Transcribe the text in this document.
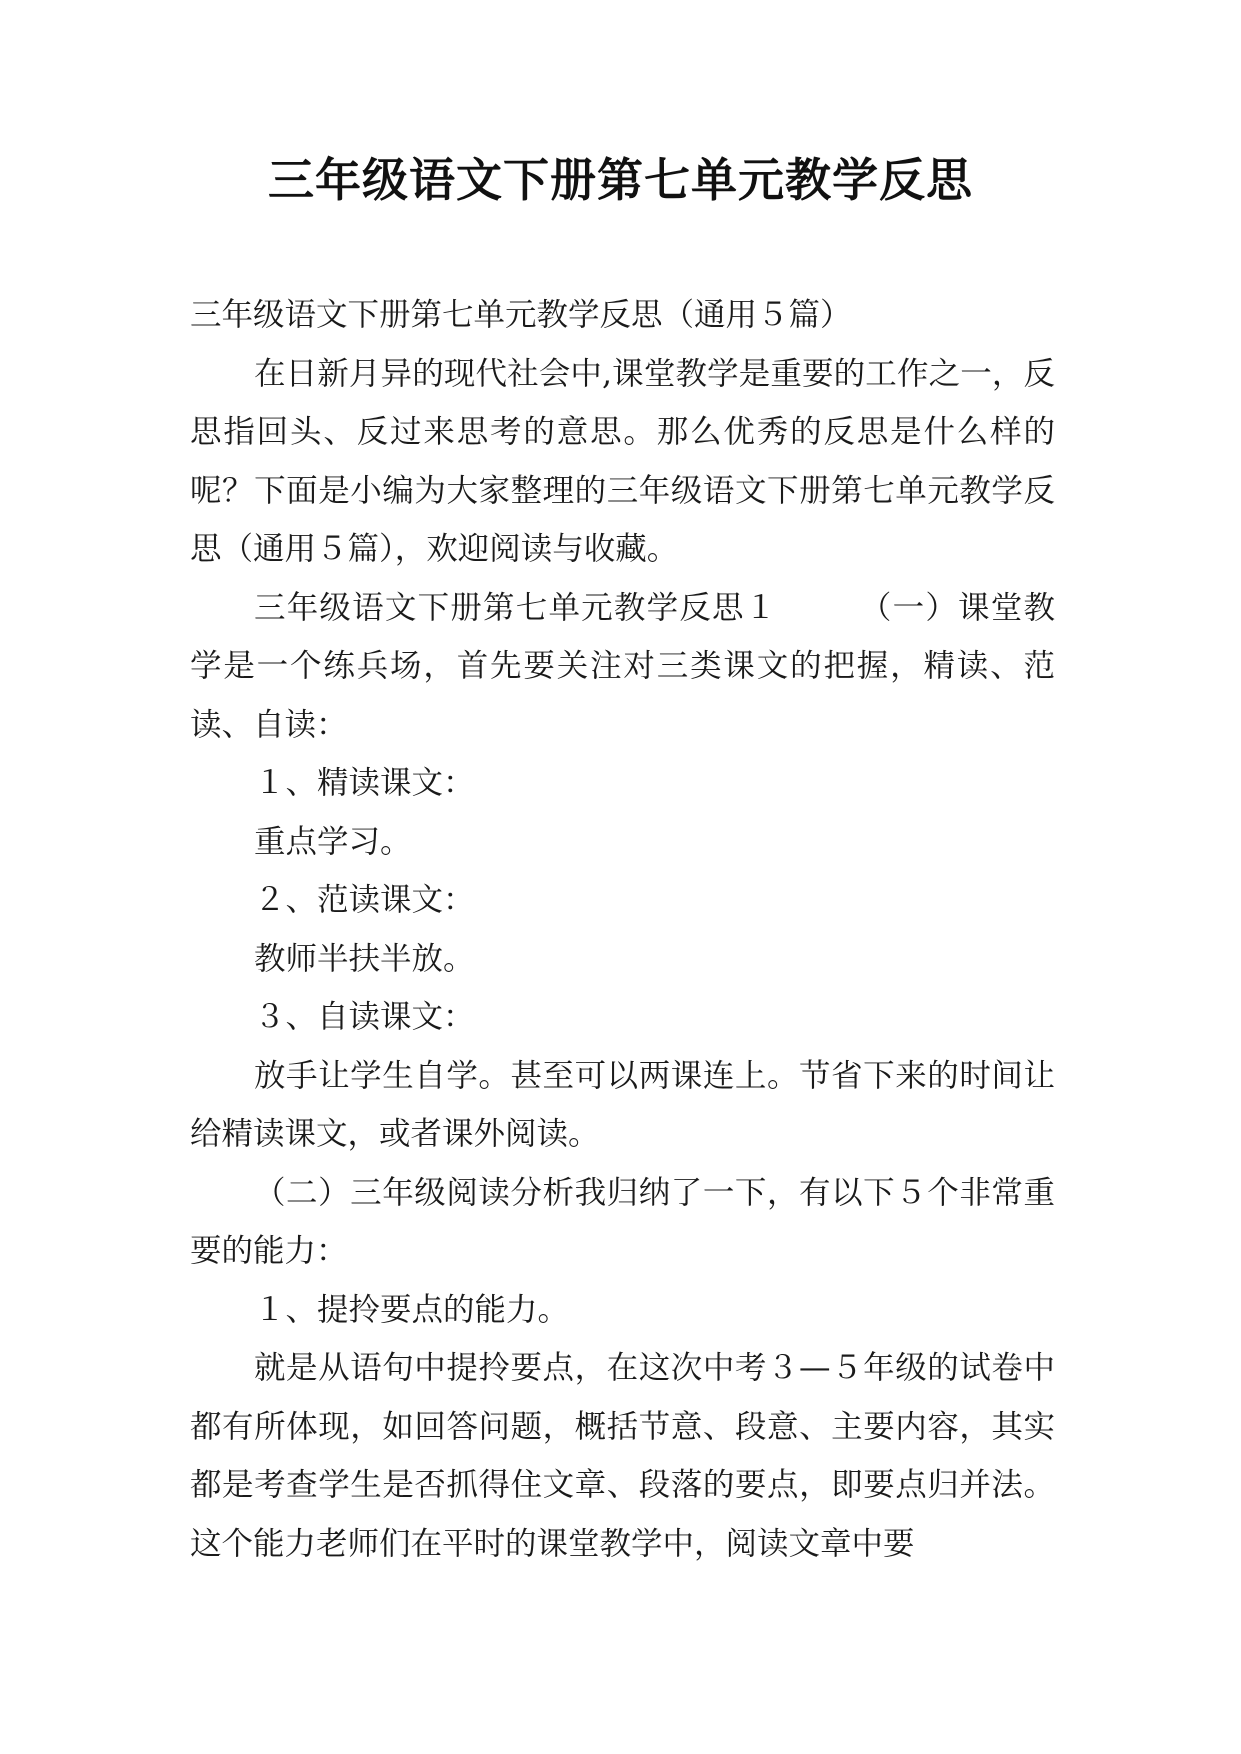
三年级语文下册第七单元教学反思

三年级语文下册第七单元教学反思（通用５篇）

在日新月异的现代社会中,课堂教学是重要的工作之一，反思指回头、反过来思考的意思。那么优秀的反思是什么样的呢？下面是小编为大家整理的三年级语文下册第七单元教学反思（通用５篇），欢迎阅读与收藏。

三年级语文下册第七单元教学反思１　　　（一）课堂教学是一个练兵场，首先要关注对三类课文的把握，精读、范读、自读：

１、精读课文：

重点学习。

２、范读课文：

教师半扶半放。

３、自读课文：

放手让学生自学。甚至可以两课连上。节省下来的时间让给精读课文，或者课外阅读。

（二）三年级阅读分析我归纳了一下，有以下５个非常重要的能力：

１、提拎要点的能力。

就是从语句中提拎要点，在这次中考３—５年级的试卷中都有所体现，如回答问题，概括节意、段意、主要内容，其实都是考查学生是否抓得住文章、段落的要点，即要点归并法。这个能力老师们在平时的课堂教学中，阅读文章中要
